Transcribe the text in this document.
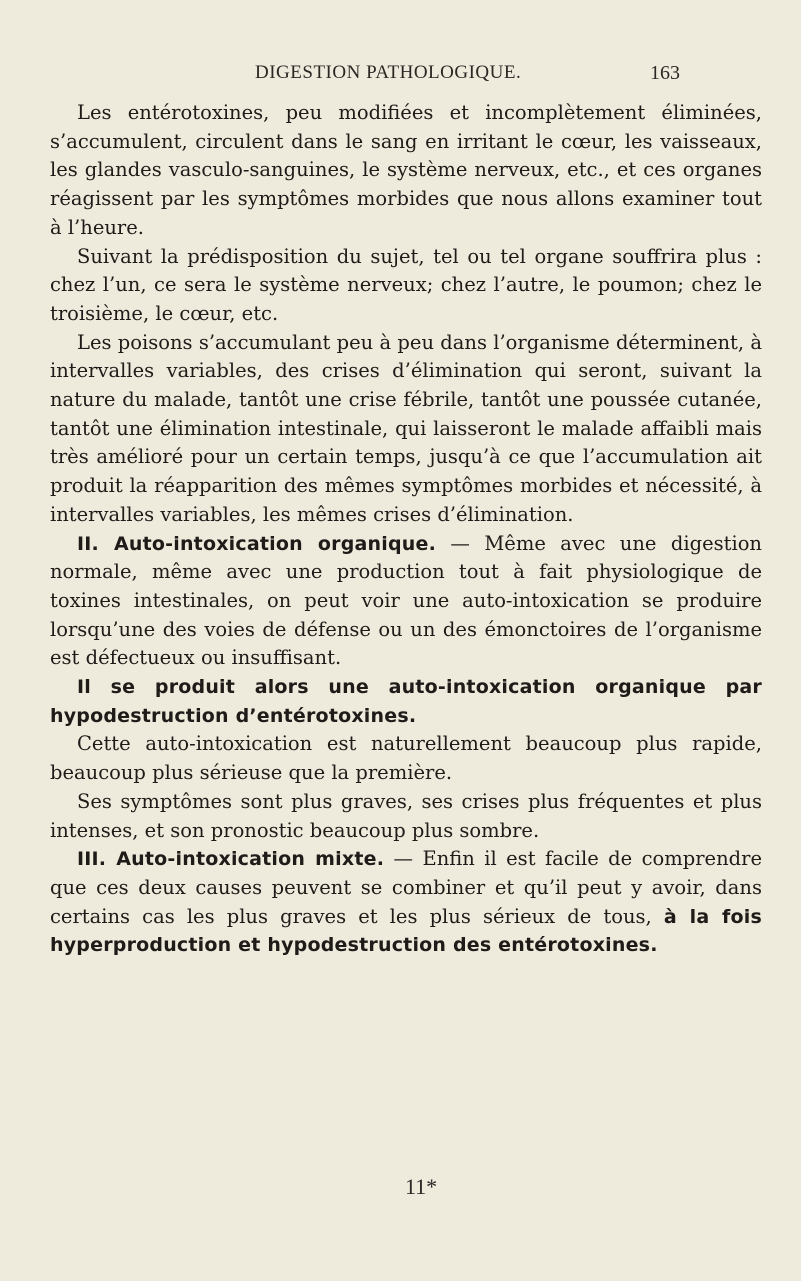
DIGESTION PATHOLOGIQUE.	163

Les entérotoxines, peu modifiées et incomplètement éliminées, s’accumulent, circulent dans le sang en irritant le cœur, les vaisseaux, les glandes vasculo-sanguines, le système nerveux, etc., et ces organes réagissent par les symptômes morbides que nous allons examiner tout à l’heure.

Suivant la prédisposition du sujet, tel ou tel organe souffrira plus : chez l’un, ce sera le système nerveux; chez l’autre, le poumon; chez le troisième, le cœur, etc.

Les poisons s’accumulant peu à peu dans l’organisme déterminent, à intervalles variables, des crises d’élimination qui seront, suivant la nature du malade, tantôt une crise fébrile, tantôt une poussée cutanée, tantôt une élimination intestinale, qui laisseront le malade affaibli mais très amélioré pour un certain temps, jusqu’à ce que l’accumulation ait produit la réapparition des mêmes symptômes morbides et nécessité, à intervalles variables, les mêmes crises d’élimination.

II. Auto-intoxication organique. — Même avec une digestion normale, même avec une production tout à fait physiologique de toxines intestinales, on peut voir une auto-intoxication se produire lorsqu’une des voies de défense ou un des émonctoires de l’organisme est défectueux ou insuffisant.

Il se produit alors une auto-intoxication organique par hypodestruction d’entérotoxines.

Cette auto-intoxication est naturellement beaucoup plus rapide, beaucoup plus sérieuse que la première.

Ses symptômes sont plus graves, ses crises plus fréquentes et plus intenses, et son pronostic beaucoup plus sombre.

III. Auto-intoxication mixte. — Enfin il est facile de comprendre que ces deux causes peuvent se combiner et qu’il peut y avoir, dans certains cas les plus graves et les plus sérieux de tous, à la fois hyperproduction et hypodestruction des entérotoxines.

11*
